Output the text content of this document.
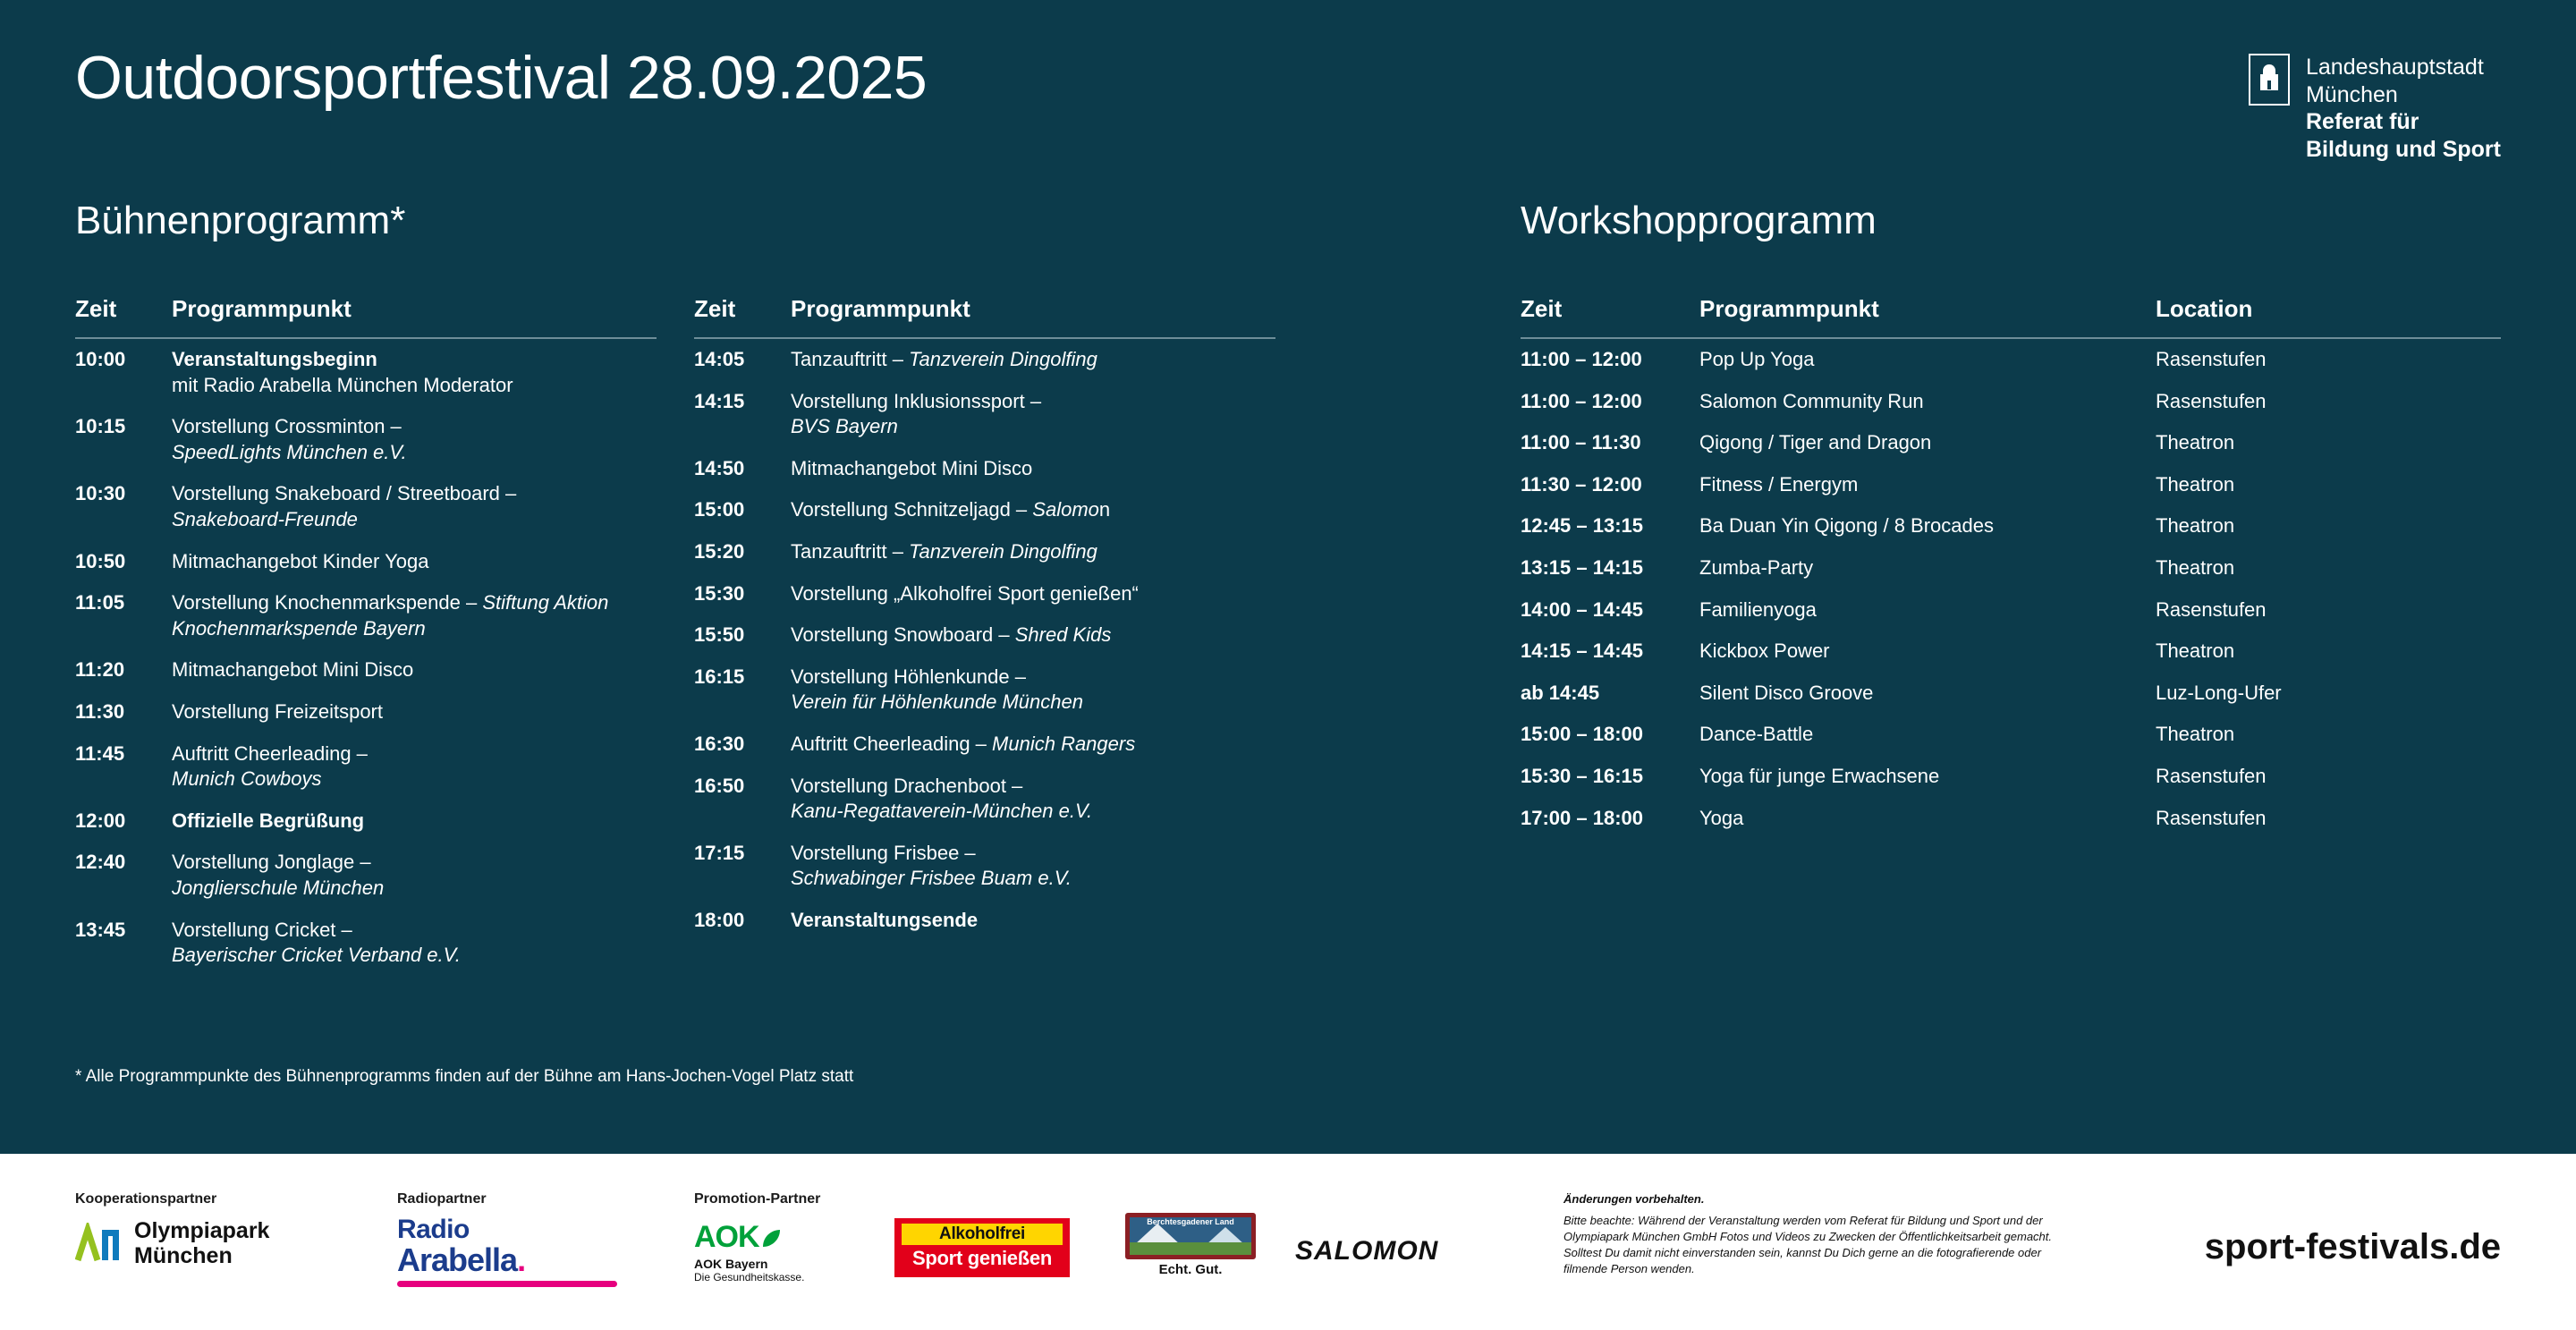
Outdoorsportfestival 28.09.2025	Landeshauptstadt
München
Referat für
Bildung und Sport
Bühnenprogramm*	Workshopprogramm
Zeit	Programmpunkt
10:00	Veranstaltungsbeginn
mit Radio Arabella München Moderator
10:15	Vorstellung Crossminton –
SpeedLights München e.V.
10:30	Vorstellung Snakeboard / Streetboard –
Snakeboard-Freunde
10:50	Mitmachangebot Kinder Yoga
11:05	Vorstellung Knochenmarkspende – Stiftung Aktion Knochenmarkspende Bayern
11:20	Mitmachangebot Mini Disco
11:30	Vorstellung Freizeitsport
11:45	Auftritt Cheerleading –
Munich Cowboys
12:00	Offizielle Begrüßung
12:40	Vorstellung Jonglage –
Jonglierschule München
13:45	Vorstellung Cricket –
Bayerischer Cricket Verband e.V.
Zeit	Programmpunkt
14:05	Tanzauftritt – Tanzverein Dingolfing
14:15	Vorstellung Inklusionssport –
BVS Bayern
14:50	Mitmachangebot Mini Disco
15:00	Vorstellung Schnitzeljagd – Salomon
15:20	Tanzauftritt – Tanzverein Dingolfing
15:30	Vorstellung „Alkoholfrei Sport genießen“
15:50	Vorstellung Snowboard – Shred Kids
16:15	Vorstellung Höhlenkunde –
Verein für Höhlenkunde München
16:30	Auftritt Cheerleading – Munich Rangers
16:50	Vorstellung Drachenboot –
Kanu-Regattaverein-München e.V.
17:15	Vorstellung Frisbee –
Schwabinger Frisbee Buam e.V.
18:00	Veranstaltungsende
Zeit	Programmpunkt	Location
11:00 – 12:00	Pop Up Yoga	Rasenstufen
11:00 – 12:00	Salomon Community Run	Rasenstufen
11:00 – 11:30	Qigong / Tiger and Dragon	Theatron
11:30 – 12:00	Fitness / Energym	Theatron
12:45 – 13:15	Ba Duan Yin Qigong / 8 Brocades	Theatron
13:15 – 14:15	Zumba-Party	Theatron
14:00 – 14:45	Familienyoga	Rasenstufen
14:15 – 14:45	Kickbox Power	Theatron
ab 14:45	Silent Disco Groove	Luz-Long-Ufer
15:00 – 18:00	Dance-Battle	Theatron
15:30 – 16:15	Yoga für junge Erwachsene	Rasenstufen
17:00 – 18:00	Yoga	Rasenstufen
* Alle Programmpunkte des Bühnenprogramms finden auf der Bühne am Hans-Jochen-Vogel Platz statt
Kooperationspartner	Radiopartner	Promotion-Partner
Olympiapark
München
Radio
Arabella.
AOK
AOK Bayern
Die Gesundheitskasse.
Alkoholfrei
Sport genießen
Berchtesgadener Land
Echt. Gut.
SALOMON
Änderungen vorbehalten.
Bitte beachte: Während der Veranstaltung werden vom Referat für Bildung und Sport und der Olympiapark München GmbH Fotos und Videos zu Zwecken der Öffentlichkeitsarbeit gemacht. Solltest Du damit nicht einverstanden sein, kannst Du Dich gerne an die fotografierende oder filmende Person wenden.
sport-festivals.de
